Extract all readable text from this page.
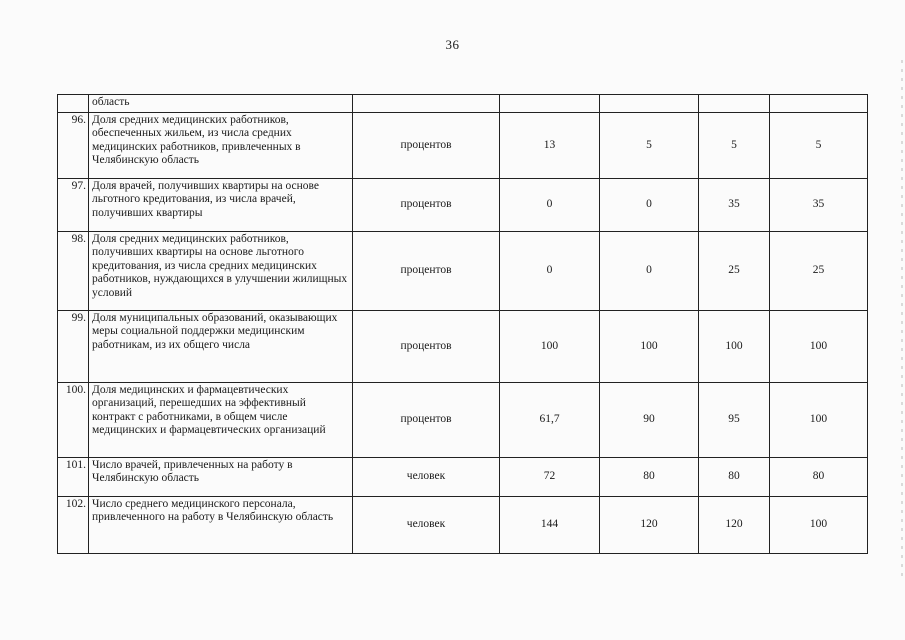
36
	область					
96.	Доля средних медицинских работников, обеспеченных жильем, из числа средних медицинских работников, привлеченных в Челябинскую область	процентов	13	5	5	5
97.	Доля врачей, получивших квартиры на основе льготного кредитования, из числа врачей, получивших квартиры	процентов	0	0	35	35
98.	Доля средних медицинских работников, получивших квартиры на основе льготного кредитования, из числа средних медицинских работников, нуждающихся в улучшении жилищных условий	процентов	0	0	25	25
99.	Доля муниципальных образований, оказывающих меры социальной поддержки медицинским работникам, из их общего числа	процентов	100	100	100	100
100.	Доля медицинских и фармацевтических организаций, перешедших на эффективный контракт с работниками, в общем числе медицинских и фармацевтических организаций	процентов	61,7	90	95	100
101.	Число врачей, привлеченных на работу в Челябинскую область	человек	72	80	80	80
102.	Число среднего медицинского персонала, привлеченного на работу в Челябинскую область	человек	144	120	120	100
